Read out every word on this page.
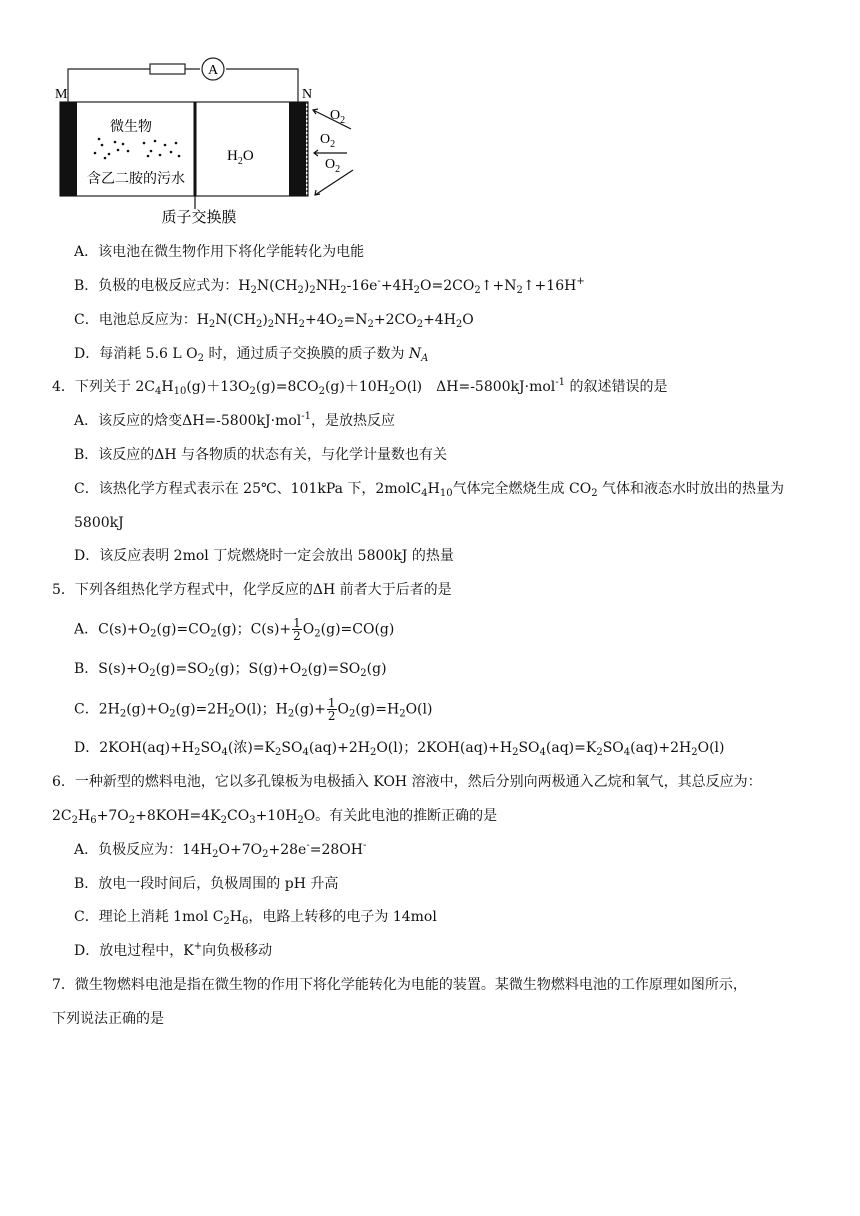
A
M	N
微生物
含乙二胺的污水
$H_2O$
$O_2$
$O_2$
$O_2$
质子交换膜
A．该电池在微生物作用下将化学能转化为电能
B．负极的电极反应式为：$H_2N(CH_2)_2NH_2-16e^-+4H_2O=2CO_2↑+N_2↑+16H^+$
C．电池总反应为：$H_2N(CH_2)_2NH_2+4O_2=N_2+2CO_2+4H_2O$
D．每消耗 5.6 L $O_2$ 时，通过质子交换膜的质子数为 $N_A$
4．下列关于 $2C_4H_{10}(g)+13O_2(g)=8CO_2(g)+10H_2O(l)$　ΔH=-5800kJ·mol$^{-1}$ 的叙述错误的是
A．该反应的焓变ΔH=-5800kJ·mol$^{-1}$，是放热反应
B．该反应的ΔH 与各物质的状态有关，与化学计量数也有关
C．该热化学方程式表示在 25℃、101kPa 下，$2molC_4H_{10}$气体完全燃烧生成 $CO_2$ 气体和液态水时放出的热量为
5800kJ
D．该反应表明 2mol 丁烷燃烧时一定会放出 5800kJ 的热量
5．下列各组热化学方程式中，化学反应的ΔH 前者大于后者的是
A．$C(s)+O_2(g)=CO_2(g)$；$C(s)+ \frac{1}{2} O_2(g)=CO(g)$
B．$S(s)+O_2(g)=SO_2(g)$；$S(g)+O_2(g)=SO_2(g)$
C．$2H_2(g)+O_2(g)=2H_2O(l)$；$H_2(g)+ \frac{1}{2} O_2(g)=H_2O(l)$
D．$2KOH(aq)+H_2SO_4$(浓)$=K_2SO_4(aq)+2H_2O(l)$；$2KOH(aq)+H_2SO_4(aq)=K_2SO_4(aq)+2H_2O(l)$
6．一种新型的燃料电池，它以多孔镍板为电极插入 KOH 溶液中，然后分别向两极通入乙烷和氧气，其总反应为：
$2C_2H_6+7O_2+8KOH=4K_2CO_3+10H_2O$。有关此电池的推断正确的是
A．负极反应为：$14H_2O+7O_2+28e^-=28OH^-$
B．放电一段时间后，负极周围的 pH 升高
C．理论上消耗 1mol $C_2H_6$，电路上转移的电子为 14mol
D．放电过程中，K+向负极移动
7．微生物燃料电池是指在微生物的作用下将化学能转化为电能的装置。某微生物燃料电池的工作原理如图所示，
下列说法正确的是
